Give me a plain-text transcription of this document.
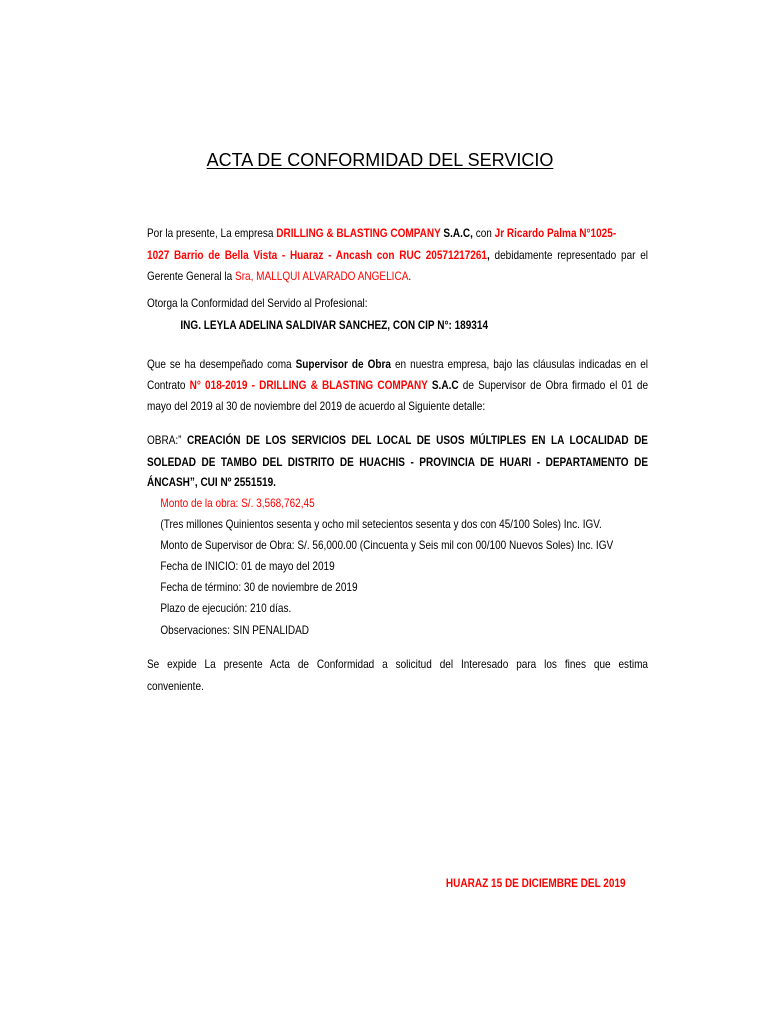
ACTA DE CONFORMIDAD DEL SERVICIO
Por la presente, La empresa DRILLING & BLASTING COMPANY S.A.C, con Jr Ricardo Palma N°1025-
1027 Barrio de Bella Vista - Huaraz - Ancash con RUC 20571217261, debidamente representado par el
Gerente General la Sra, MALLQUI ALVARADO ANGELICA.
Otorga la Conformidad del Servido al Profesional:
ING. LEYLA ADELINA SALDIVAR SANCHEZ, CON CIP N°: 189314
Que se ha desempeñado coma Supervisor de Obra en nuestra empresa, bajo las cláusulas indicadas en el
Contrato N° 018-2019 - DRILLING & BLASTING COMPANY S.A.C de Supervisor de Obra firmado el 01 de
mayo del 2019 al 30 de noviembre del 2019 de acuerdo al Siguiente detalle:
OBRA:” CREACIÓN DE LOS SERVICIOS DEL LOCAL DE USOS MÚLTIPLES EN LA LOCALIDAD DE
SOLEDAD DE TAMBO DEL DISTRITO DE HUACHIS - PROVINCIA DE HUARI - DEPARTAMENTO DE
ÁNCASH”, CUI Nº 2551519.
Monto de la obra: S/. 3,568,762,45
(Tres millones Quinientos sesenta y ocho mil setecientos sesenta y dos con 45/100 Soles) Inc. IGV.
Monto de Supervisor de Obra: S/. 56,000.00 (Cincuenta y Seis mil con 00/100 Nuevos Soles) Inc. IGV
Fecha de INICIO: 01 de mayo del 2019
Fecha de término: 30 de noviembre de 2019
Plazo de ejecución: 210 días.
Observaciones: SIN PENALIDAD
Se expide La presente Acta de Conformidad a solicitud del Interesado para los fines que estima
conveniente.
HUARAZ 15 DE DICIEMBRE DEL 2019
